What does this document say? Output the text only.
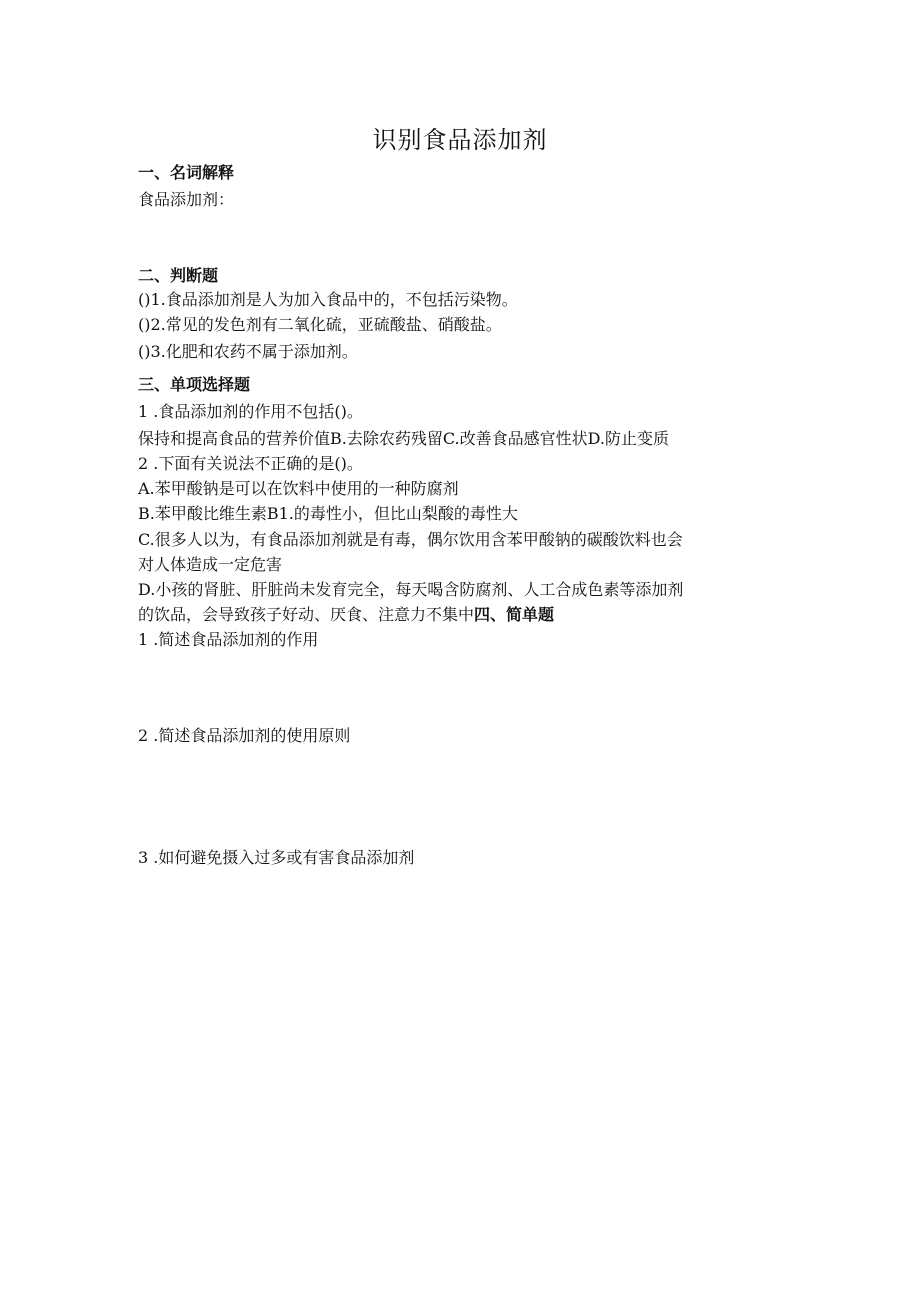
识别食品添加剂
一、名词解释
食品添加剂：
二、判断题
()1.食品添加剂是人为加入食品中的，不包括污染物。
()2.常见的发色剂有二氧化硫，亚硫酸盐、硝酸盐。
()3.化肥和农药不属于添加剂。
三、单项选择题
1 .食品添加剂的作用不包括()。
保持和提高食品的营养价值B.去除农药残留C.改善食品感官性状D.防止变质
2 .下面有关说法不正确的是()。
A.苯甲酸钠是可以在饮料中使用的一种防腐剂
B.苯甲酸比维生素B1.的毒性小，但比山梨酸的毒性大
C.很多人以为，有食品添加剂就是有毒，偶尔饮用含苯甲酸钠的碳酸饮料也会
对人体造成一定危害
D.小孩的肾脏、肝脏尚未发育完全，每天喝含防腐剂、人工合成色素等添加剂
的饮品，会导致孩子好动、厌食、注意力不集中四、简单题
1 .简述食品添加剂的作用
2 .简述食品添加剂的使用原则
3 .如何避免摄入过多或有害食品添加剂
